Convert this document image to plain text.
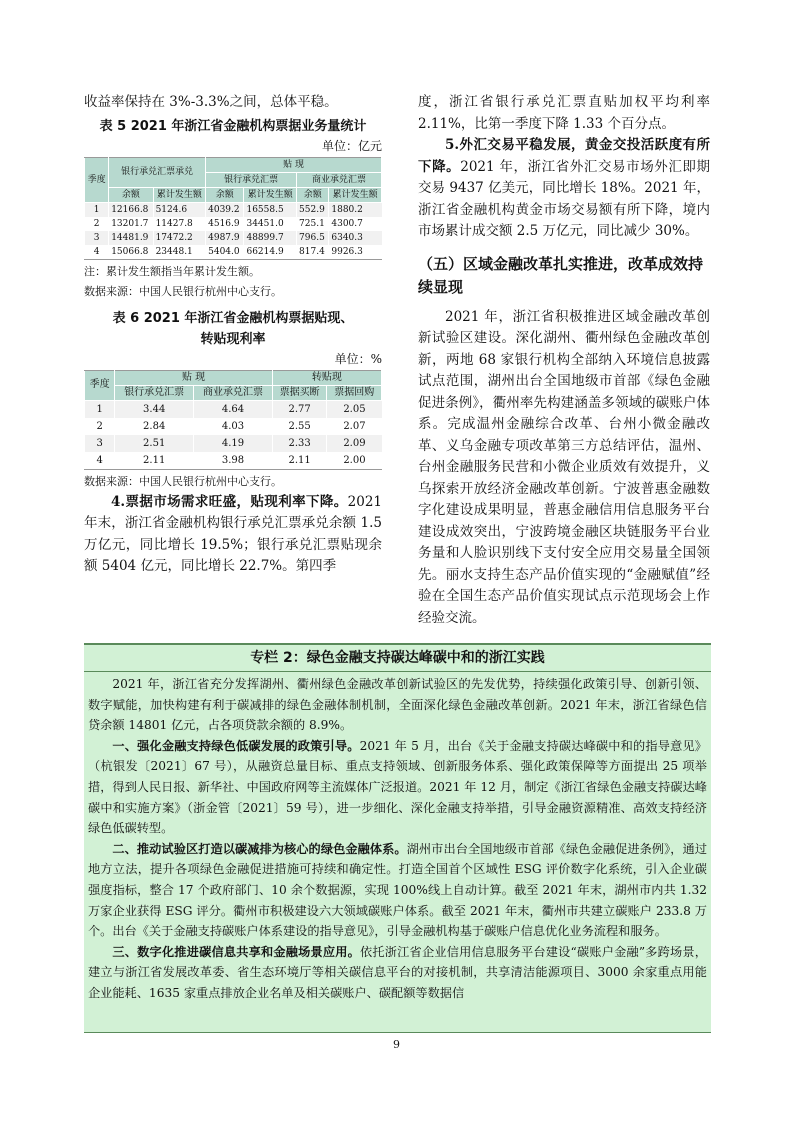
收益率保持在 3%-3.3%之间，总体平稳。

表 5 2021 年浙江省金融机构票据业务量统计
单位：亿元
季度	银行承兑汇票承兑		贴 现			
			银行承兑汇票		商业承兑汇票	
	余额	累计发生额	余额	累计发生额	余额	累计发生额
1	12166.8	5124.6	4039.2	16558.5	552.9	1880.2
2	13201.7	11427.8	4516.9	34451.0	725.1	4300.7
3	14481.9	17472.2	4987.9	48899.7	796.5	6340.3
4	15066.8	23448.1	5404.0	66214.9	817.4	9926.3
注：累计发生额指当年累计发生额。
数据来源：中国人民银行杭州中心支行。
表 6 2021 年浙江省金融机构票据贴现、
转贴现利率
单位：%
季度	贴 现		转贴现	
	银行承兑汇票	商业承兑汇票	票据买断	票据回购
1	3.44	4.64	2.77	2.05
2	2.84	4.03	2.55	2.07
3	2.51	4.19	2.33	2.09
4	2.11	3.98	2.11	2.00
数据来源：中国人民银行杭州中心支行。

4.票据市场需求旺盛，贴现利率下降。2021 年末，浙江省金融机构银行承兑汇票承兑余额 1.5 万亿元，同比增长 19.5%；银行承兑汇票贴现余额 5404 亿元，同比增长 22.7%。第四季

度，浙江省银行承兑汇票直贴加权平均利率 2.11%，比第一季度下降 1.33 个百分点。

5.外汇交易平稳发展，黄金交投活跃度有所下降。2021 年，浙江省外汇交易市场外汇即期交易 9437 亿美元，同比增长 18%。2021 年，浙江省金融机构黄金市场交易额有所下降，境内市场累计成交额 2.5 万亿元，同比减少 30%。

（五）区域金融改革扎实推进，改革成效持续显现

2021 年，浙江省积极推进区域金融改革创新试验区建设。深化湖州、衢州绿色金融改革创新，两地 68 家银行机构全部纳入环境信息披露试点范围，湖州出台全国地级市首部《绿色金融促进条例》，衢州率先构建涵盖多领域的碳账户体系。完成温州金融综合改革、台州小微金融改革、义乌金融专项改革第三方总结评估，温州、台州金融服务民营和小微企业质效有效提升，义乌探索开放经济金融改革创新。宁波普惠金融数字化建设成果明显，普惠金融信用信息服务平台建设成效突出，宁波跨境金融区块链服务平台业务量和人脸识别线下支付安全应用交易量全国领先。丽水支持生态产品价值实现的“金融赋值”经验在全国生态产品价值实现试点示范现场会上作经验交流。

专栏 2：绿色金融支持碳达峰碳中和的浙江实践

2021 年，浙江省充分发挥湖州、衢州绿色金融改革创新试验区的先发优势，持续强化政策引导、创新引领、数字赋能，加快构建有利于碳减排的绿色金融体制机制，全面深化绿色金融改革创新。2021 年末，浙江省绿色信贷余额 14801 亿元，占各项贷款余额的 8.9%。

一、强化金融支持绿色低碳发展的政策引导。2021 年 5 月，出台《关于金融支持碳达峰碳中和的指导意见》（杭银发〔2021〕67 号），从融资总量目标、重点支持领域、创新服务体系、强化政策保障等方面提出 25 项举措，得到人民日报、新华社、中国政府网等主流媒体广泛报道。2021 年 12 月，制定《浙江省绿色金融支持碳达峰碳中和实施方案》（浙金管〔2021〕59 号），进一步细化、深化金融支持举措，引导金融资源精准、高效支持经济绿色低碳转型。

二、推动试验区打造以碳减排为核心的绿色金融体系。湖州市出台全国地级市首部《绿色金融促进条例》，通过地方立法，提升各项绿色金融促进措施可持续和确定性。打造全国首个区域性 ESG 评价数字化系统，引入企业碳强度指标，整合 17 个政府部门、10 余个数据源，实现 100%线上自动计算。截至 2021 年末，湖州市内共 1.32 万家企业获得 ESG 评分。衢州市积极建设六大领域碳账户体系。截至 2021 年末，衢州市共建立碳账户 233.8 万个。出台《关于金融支持碳账户体系建设的指导意见》，引导金融机构基于碳账户信息优化业务流程和服务。

三、数字化推进碳信息共享和金融场景应用。依托浙江省企业信用信息服务平台建设“碳账户金融”多跨场景，建立与浙江省发展改革委、省生态环境厅等相关碳信息平台的对接机制，共享清洁能源项目、3000 余家重点用能企业能耗、1635 家重点排放企业名单及相关碳账户、碳配额等数据信

9
